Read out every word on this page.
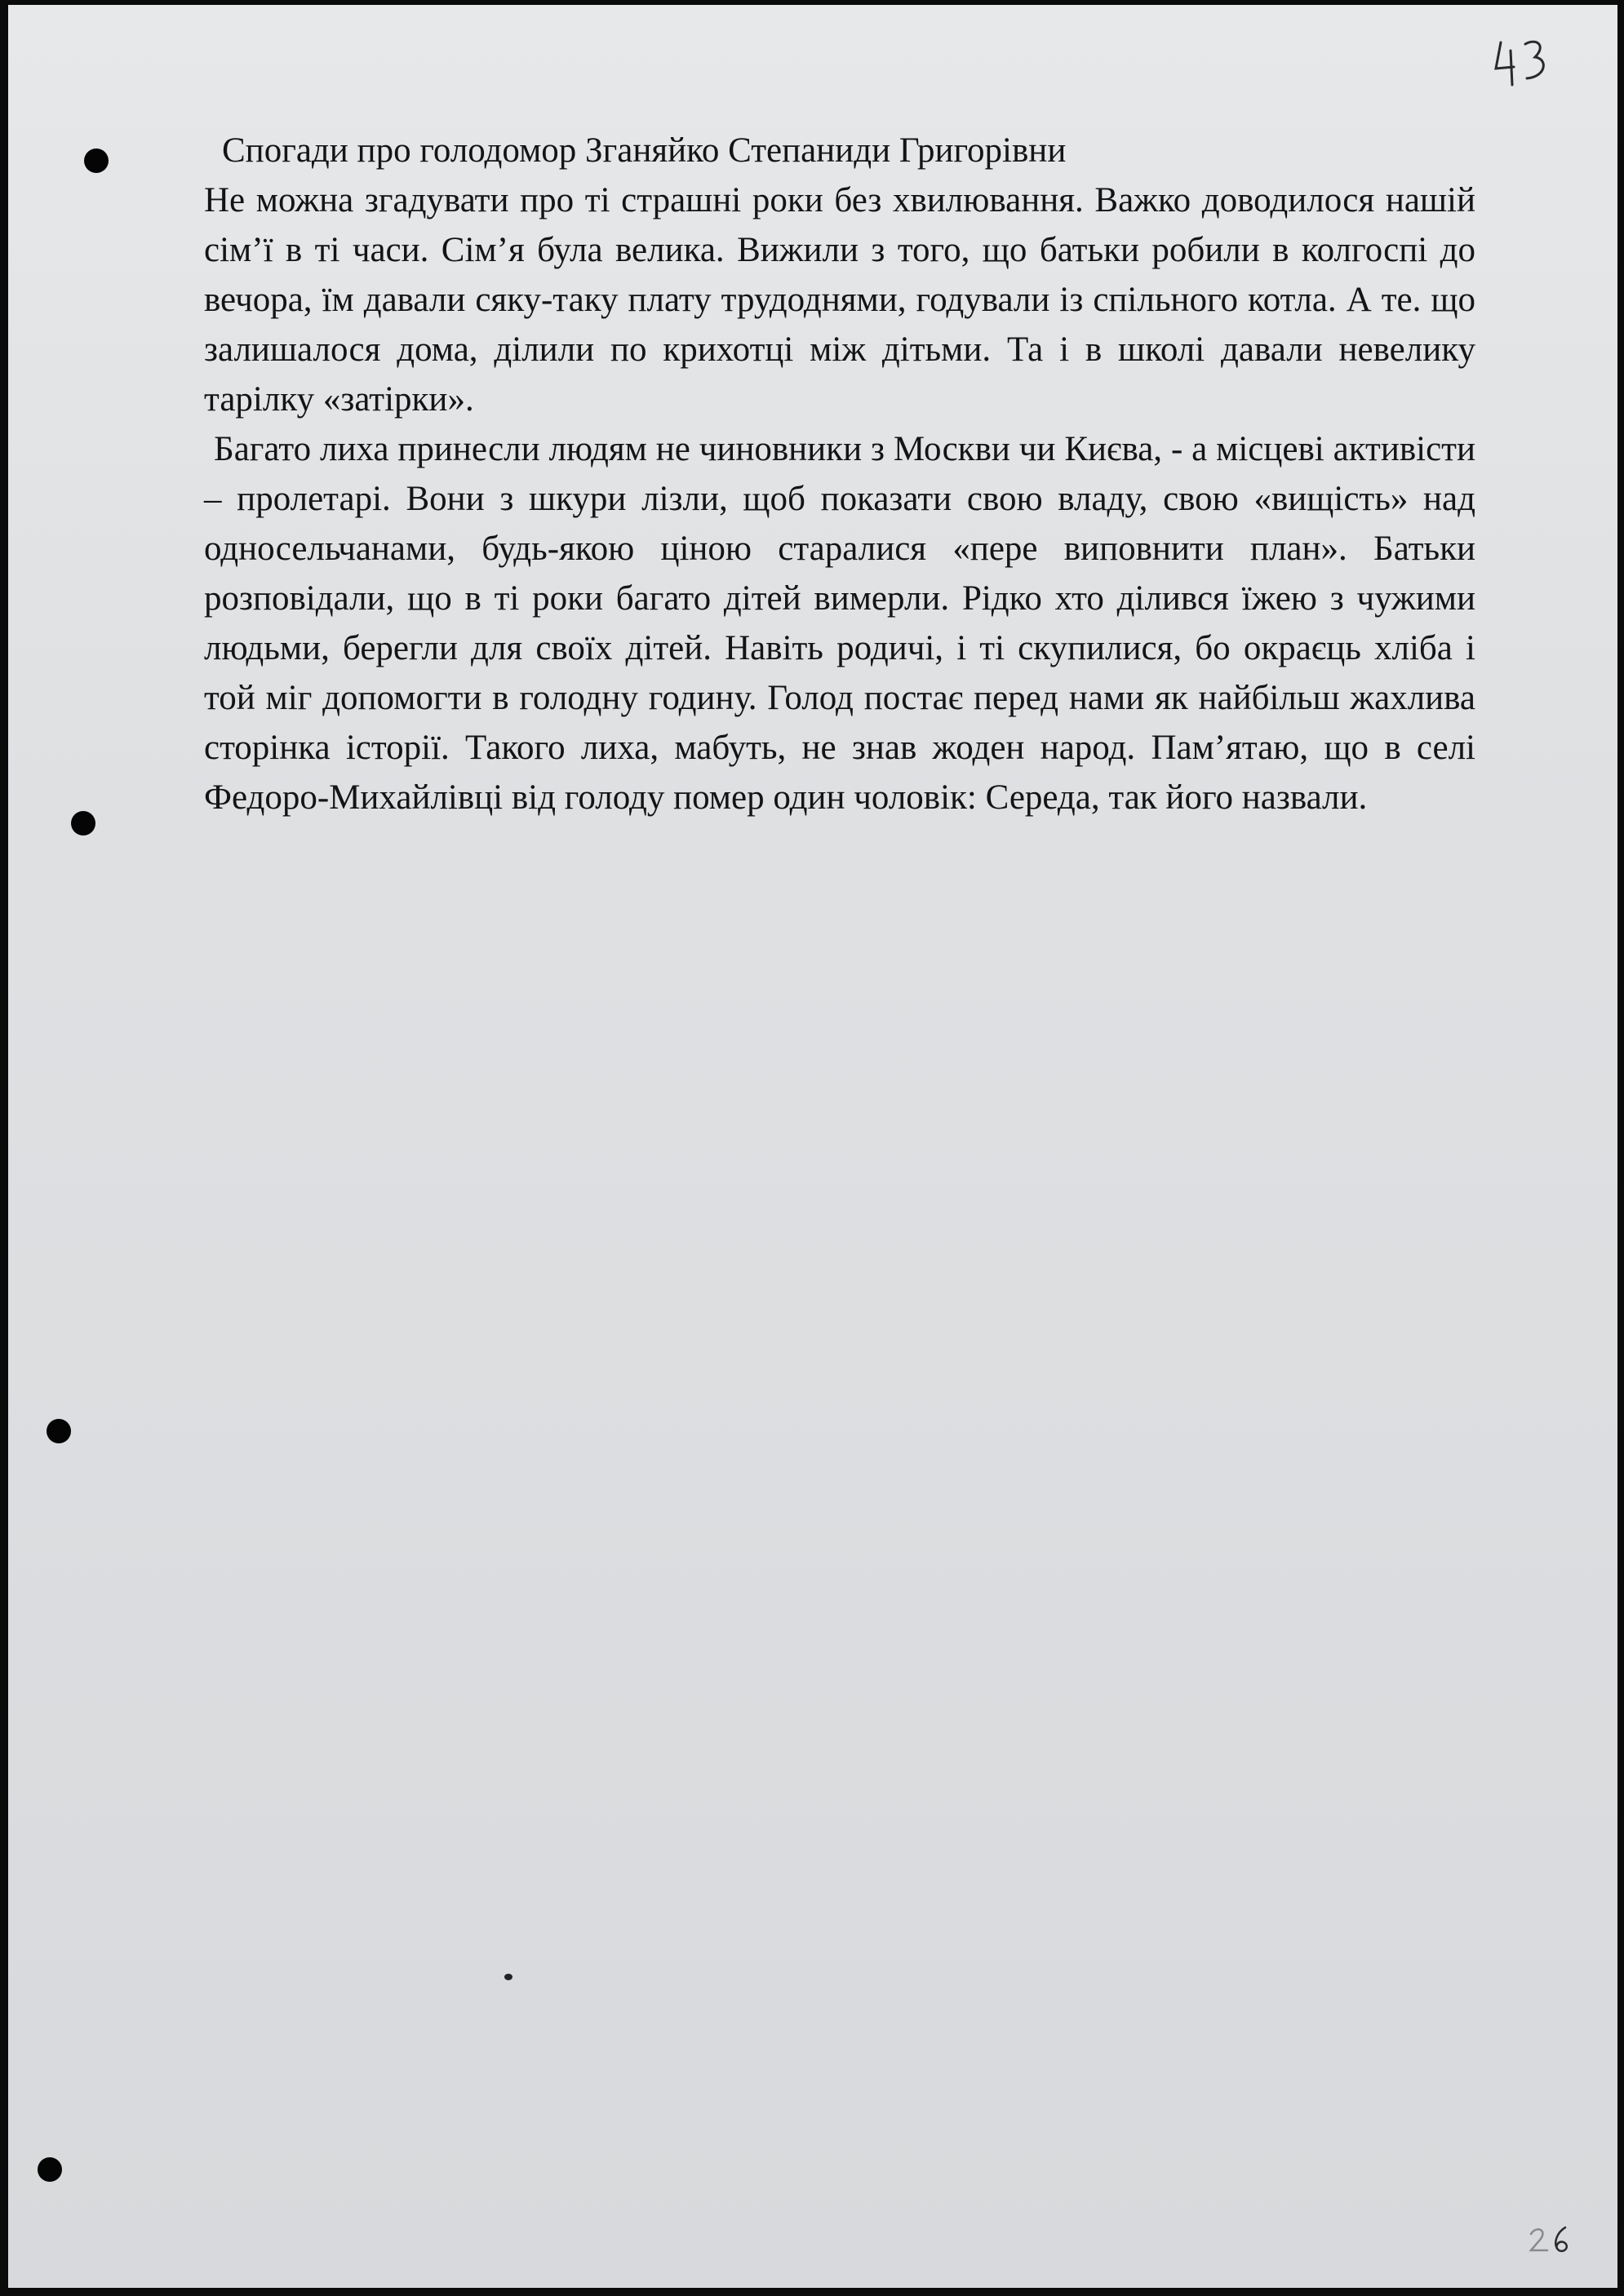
Спогади про голодомор Зганяйко Степаниди Григорівни

Не можна згадувати про ті страшні роки без хвилювання. Важко доводилося нашій сім’ї в ті часи. Сім’я була велика. Вижили з того, що батьки робили в колгоспі до вечора, їм давали сяку-таку плату трудоднями, годували із спільного котла. А те. що залишалося дома, ділили по крихотці між дітьми. Та і в школі давали невелику тарілку «затірки».

Багато лиха принесли людям не чиновники з Москви чи Києва, - а місцеві активісти – пролетарі. Вони з шкури лізли, щоб показати свою владу, свою «вищість» над односельчанами, будь-якою ціною старалися «пере виповнити план». Батьки розповідали, що в ті роки багато дітей вимерли. Рідко хто ділився їжею з чужими людьми, берегли для своїх дітей. Навіть родичі, і ті скупилися, бо окраєць хліба і той міг допомогти в голодну годину. Голод постає перед нами як найбільш жахлива сторінка історії. Такого лиха, мабуть, не знав жоден народ. Пам’ятаю, що в селі Федоро-Михайлівці від голоду помер один чоловік: Середа, так його назвали.
